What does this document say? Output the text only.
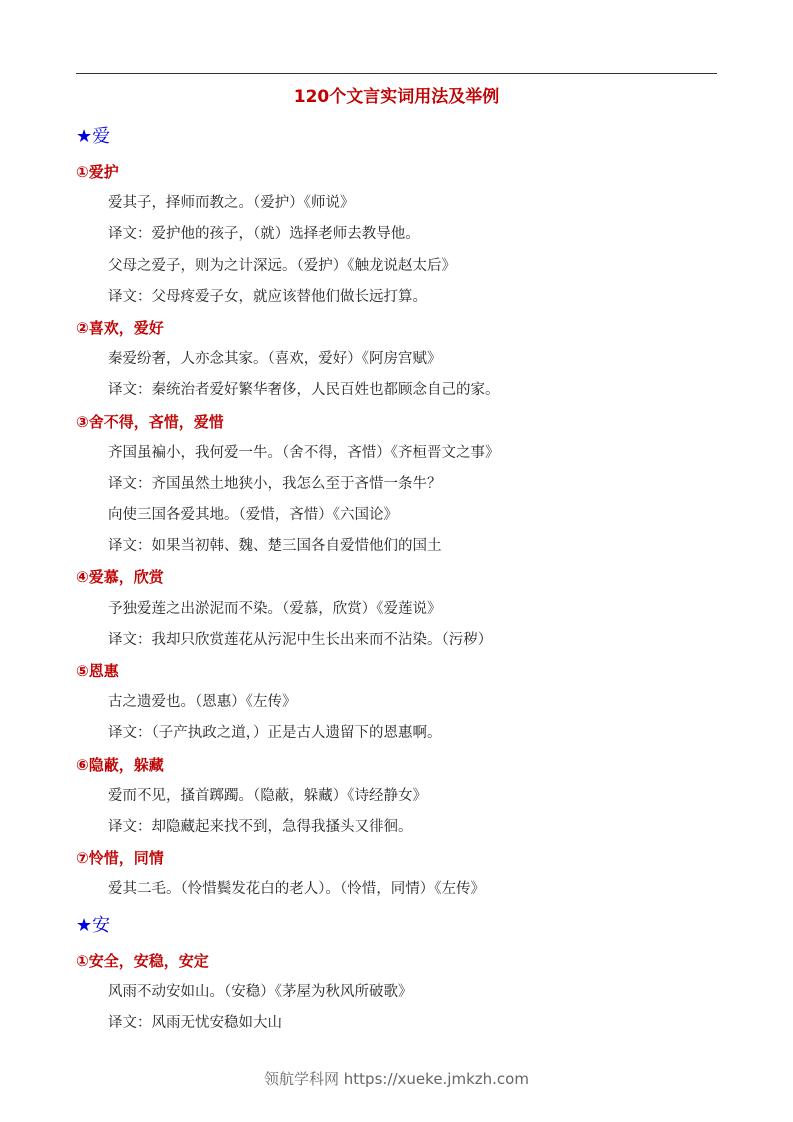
120个文言实词用法及举例
★爱
①爱护
爱其子，择师而教之。（爱护）《师说》
译文：爱护他的孩子，（就）选择老师去教导他。
父母之爱子，则为之计深远。（爱护）《触龙说赵太后》
译文：父母疼爱子女，就应该替他们做长远打算。
②喜欢，爱好
秦爱纷奢，人亦念其家。（喜欢，爱好）《阿房宫赋》
译文：秦统治者爱好繁华奢侈，人民百姓也都顾念自己的家。
③舍不得，吝惜，爱惜
齐国虽褊小，我何爱一牛。（舍不得，吝惜）《齐桓晋文之事》
译文：齐国虽然土地狭小，我怎么至于吝惜一条牛？
向使三国各爱其地。（爱惜，吝惜）《六国论》
译文：如果当初韩、魏、楚三国各自爱惜他们的国土
④爱慕，欣赏
予独爱莲之出淤泥而不染。（爱慕，欣赏）《爱莲说》
译文：我却只欣赏莲花从污泥中生长出来而不沾染。（污秽）
⑤恩惠
古之遗爱也。（恩惠）《左传》
译文：（子产执政之道，）正是古人遗留下的恩惠啊。
⑥隐蔽，躲藏
爱而不见，搔首踯躅。（隐蔽，躲藏）《诗经静女》
译文：却隐藏起来找不到，急得我搔头又徘徊。
⑦怜惜，同情
爱其二毛。（怜惜鬓发花白的老人）。（怜惜，同情）《左传》
★安
①安全，安稳，安定
风雨不动安如山。（安稳）《茅屋为秋风所破歌》
译文：风雨无忧安稳如大山
领航学科网 https://xueke.jmkzh.com
